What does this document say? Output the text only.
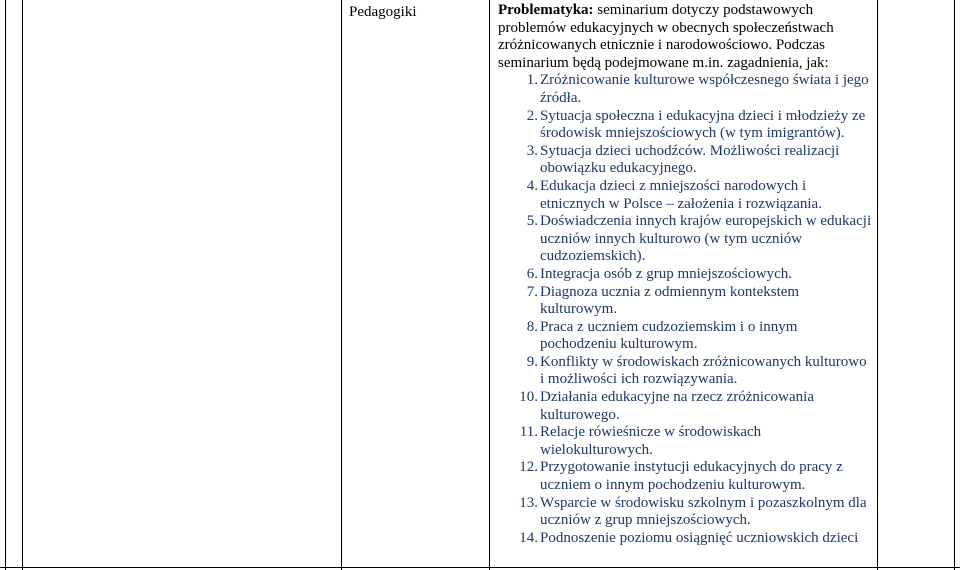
Pedagogiki	Problematyka: seminarium dotyczy podstawowych problemów edukacyjnych w obecnych społeczeństwach zróżnicowanych etnicznie i narodowościowo. Podczas seminarium będą podejmowane m.in. zagadnienia, jak:
1. Zróżnicowanie kulturowe współczesnego świata i jego źródła.
2. Sytuacja społeczna i edukacyjna dzieci i młodzieży ze środowisk mniejszościowych (w tym imigrantów).
3. Sytuacja dzieci uchodźców. Możliwości realizacji obowiązku edukacyjnego.
4. Edukacja dzieci z mniejszości narodowych i etnicznych w Polsce – założenia i rozwiązania.
5. Doświadczenia innych krajów europejskich w edukacji uczniów innych kulturowo (w tym uczniów cudzoziemskich).
6. Integracja osób z grup mniejszościowych.
7. Diagnoza ucznia z odmiennym kontekstem kulturowym.
8. Praca z uczniem cudzoziemskim i o innym pochodzeniu kulturowym.
9. Konflikty w środowiskach zróżnicowanych kulturowo i możliwości ich rozwiązywania.
10. Działania edukacyjne na rzecz zróżnicowania kulturowego.
11. Relacje rówieśnicze w środowiskach wielokulturowych.
12. Przygotowanie instytucji edukacyjnych do pracy z uczniem o innym pochodzeniu kulturowym.
13. Wsparcie w środowisku szkolnym i pozaszkolnym dla uczniów z grup mniejszościowych.
14. Podnoszenie poziomu osiągnięć uczniowskich dzieci
